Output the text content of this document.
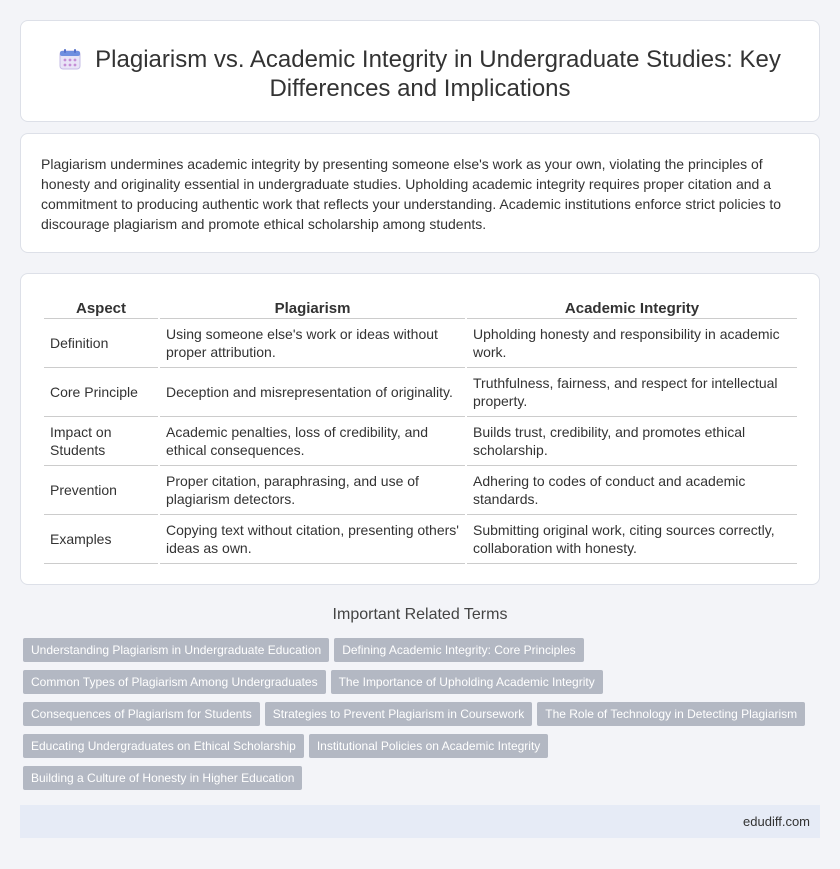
Plagiarism vs. Academic Integrity in Undergraduate Studies: Key Differences and Implications

Plagiarism undermines academic integrity by presenting someone else's work as your own, violating the principles of honesty and originality essential in undergraduate studies. Upholding academic integrity requires proper citation and a commitment to producing authentic work that reflects your understanding. Academic institutions enforce strict policies to discourage plagiarism and promote ethical scholarship among students.

Aspect	Plagiarism	Academic Integrity
Definition	Using someone else's work or ideas without proper attribution.	Upholding honesty and responsibility in academic work.
Core Principle	Deception and misrepresentation of originality.	Truthfulness, fairness, and respect for intellectual property.
Impact on Students	Academic penalties, loss of credibility, and ethical consequences.	Builds trust, credibility, and promotes ethical scholarship.
Prevention	Proper citation, paraphrasing, and use of plagiarism detectors.	Adhering to codes of conduct and academic standards.
Examples	Copying text without citation, presenting others' ideas as own.	Submitting original work, citing sources correctly, collaboration with honesty.
Important Related Terms
Understanding Plagiarism in Undergraduate Education Defining Academic Integrity: Core Principles
Common Types of Plagiarism Among Undergraduates The Importance of Upholding Academic Integrity
Consequences of Plagiarism for Students Strategies to Prevent Plagiarism in Coursework The Role of Technology in Detecting Plagiarism
Educating Undergraduates on Ethical Scholarship Institutional Policies on Academic Integrity
Building a Culture of Honesty in Higher Education
edudiff.com
